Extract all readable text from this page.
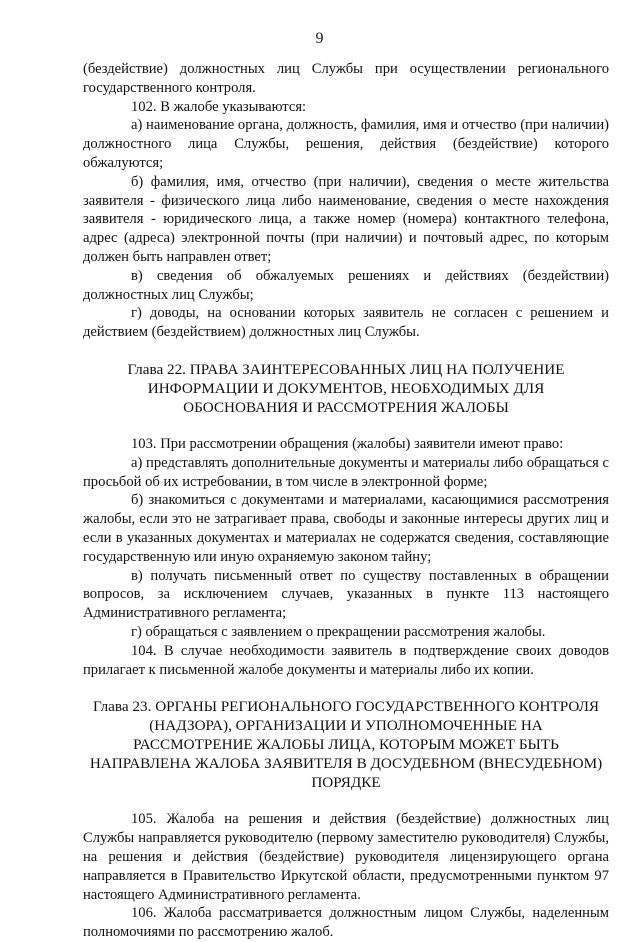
9

(бездействие) должностных лиц Службы при осуществлении регионального государственного контроля.

102. В жалобе указываются:

а) наименование органа, должность, фамилия, имя и отчество (при наличии) должностного лица Службы, решения, действия (бездействие) которого обжалуются;

б) фамилия, имя, отчество (при наличии), сведения о месте жительства заявителя - физического лица либо наименование, сведения о месте нахождения заявителя - юридического лица, а также номер (номера) контактного телефона, адрес (адреса) электронной почты (при наличии) и почтовый адрес, по которым должен быть направлен ответ;

в) сведения об обжалуемых решениях и действиях (бездействии) должностных лиц Службы;

г) доводы, на основании которых заявитель не согласен с решением и действием (бездействием) должностных лиц Службы.

Глава 22. ПРАВА ЗАИНТЕРЕСОВАННЫХ ЛИЦ НА ПОЛУЧЕНИЕ ИНФОРМАЦИИ И ДОКУМЕНТОВ, НЕОБХОДИМЫХ ДЛЯ ОБОСНОВАНИЯ И РАССМОТРЕНИЯ ЖАЛОБЫ

103. При рассмотрении обращения (жалобы) заявители имеют право:

а) представлять дополнительные документы и материалы либо обращаться с просьбой об их истребовании, в том числе в электронной форме;

б) знакомиться с документами и материалами, касающимися рассмотрения жалобы, если это не затрагивает права, свободы и законные интересы других лиц и если в указанных документах и материалах не содержатся сведения, составляющие государственную или иную охраняемую законом тайну;

в) получать письменный ответ по существу поставленных в обращении вопросов, за исключением случаев, указанных в пункте 113 настоящего Административного регламента;

г) обращаться с заявлением о прекращении рассмотрения жалобы.

104. В случае необходимости заявитель в подтверждение своих доводов прилагает к письменной жалобе документы и материалы либо их копии.

Глава 23. ОРГАНЫ РЕГИОНАЛЬНОГО ГОСУДАРСТВЕННОГО КОНТРОЛЯ (НАДЗОРА), ОРГАНИЗАЦИИ И УПОЛНОМОЧЕННЫЕ НА РАССМОТРЕНИЕ ЖАЛОБЫ ЛИЦА, КОТОРЫМ МОЖЕТ БЫТЬ НАПРАВЛЕНА ЖАЛОБА ЗАЯВИТЕЛЯ В ДОСУДЕБНОМ (ВНЕСУДЕБНОМ) ПОРЯДКЕ

105. Жалоба на решения и действия (бездействие) должностных лиц Службы направляется руководителю (первому заместителю руководителя) Службы, на решения и действия (бездействие) руководителя лицензирующего органа направляется в Правительство Иркутской области, предусмотренными пунктом 97 настоящего Административного регламента.

106. Жалоба рассматривается должностным лицом Службы, наделенным полномочиями по рассмотрению жалоб.
